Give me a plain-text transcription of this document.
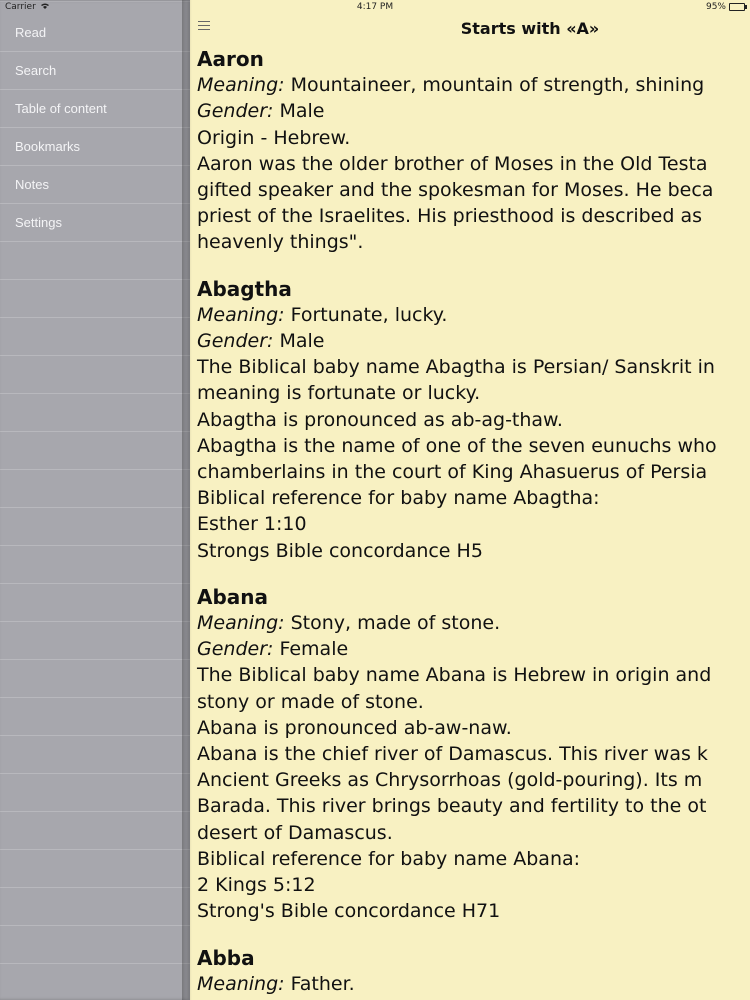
Carrier	4:17 PM	95%
Read
Search
Table of content
Bookmarks
Notes
Settings
Starts with «A»
Aaron
Meaning: Mountaineer, mountain of strength, shining
Gender: Male
Origin - Hebrew.
Aaron was the older brother of Moses in the Old Testa
gifted speaker and the spokesman for Moses. He beca
priest of the Israelites. His priesthood is described as
heavenly things".
Abagtha
Meaning: Fortunate, lucky.
Gender: Male
The Biblical baby name Abagtha is Persian/ Sanskrit in
meaning is fortunate or lucky.
Abagtha is pronounced as ab-ag-thaw.
Abagtha is the name of one of the seven eunuchs who
chamberlains in the court of King Ahasuerus of Persia
Biblical reference for baby name Abagtha:
Esther 1:10
Strongs Bible concordance H5
Abana
Meaning: Stony, made of stone.
Gender: Female
The Biblical baby name Abana is Hebrew in origin and
stony or made of stone.
Abana is pronounced ab-aw-naw.
Abana is the chief river of Damascus. This river was k
Ancient Greeks as Chrysorrhoas (gold-pouring). Its m
Barada. This river brings beauty and fertility to the ot
desert of Damascus.
Biblical reference for baby name Abana:
2 Kings 5:12
Strong's Bible concordance H71
Abba
Meaning: Father.
